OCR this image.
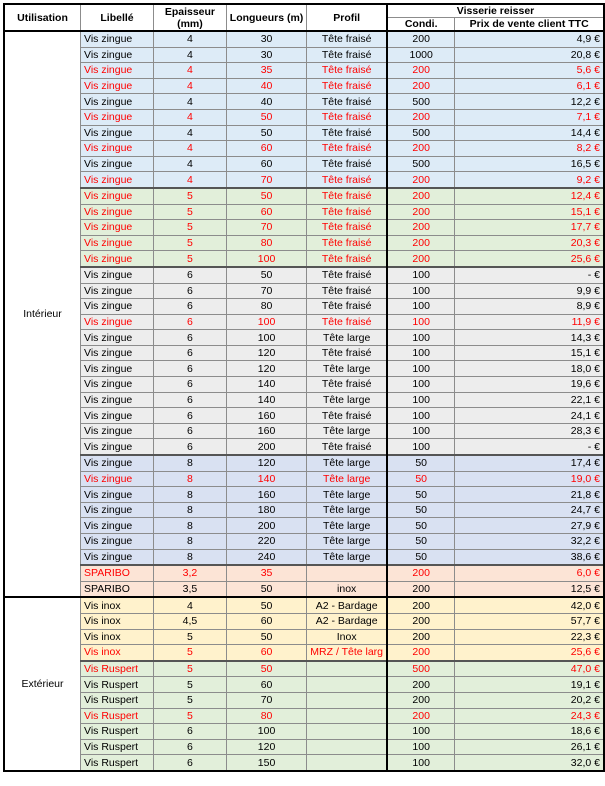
Utilisation	Libellé	Epaisseur (mm)	Longueurs (m)	Profil	Visserie reisser	
					Condi.	Prix de vente client TTC
Intérieur	Vis zingue	4	30	Tête fraisé	200	4,9 €
	Vis zingue	4	30	Tête fraisé	1000	20,8 €
	Vis zingue	4	35	Tête fraisé	200	5,6 €
	Vis zingue	4	40	Tête fraisé	200	6,1 €
	Vis zingue	4	40	Tête fraisé	500	12,2 €
	Vis zingue	4	50	Tête fraisé	200	7,1 €
	Vis zingue	4	50	Tête fraisé	500	14,4 €
	Vis zingue	4	60	Tête fraisé	200	8,2 €
	Vis zingue	4	60	Tête fraisé	500	16,5 €
	Vis zingue	4	70	Tête fraisé	200	9,2 €
	Vis zingue	5	50	Tête fraisé	200	12,4 €
	Vis zingue	5	60	Tête fraisé	200	15,1 €
	Vis zingue	5	70	Tête fraisé	200	17,7 €
	Vis zingue	5	80	Tête fraisé	200	20,3 €
	Vis zingue	5	100	Tête fraisé	200	25,6 €
	Vis zingue	6	50	Tête fraisé	100	- €
	Vis zingue	6	70	Tête fraisé	100	9,9 €
	Vis zingue	6	80	Tête fraisé	100	8,9 €
	Vis zingue	6	100	Tête fraisé	100	11,9 €
	Vis zingue	6	100	Tête large	100	14,3 €
	Vis zingue	6	120	Tête fraisé	100	15,1 €
	Vis zingue	6	120	Tête large	100	18,0 €
	Vis zingue	6	140	Tête fraisé	100	19,6 €
	Vis zingue	6	140	Tête large	100	22,1 €
	Vis zingue	6	160	Tête fraisé	100	24,1 €
	Vis zingue	6	160	Tête large	100	28,3 €
	Vis zingue	6	200	Tête fraisé	100	- €
	Vis zingue	8	120	Tête large	50	17,4 €
	Vis zingue	8	140	Tête large	50	19,0 €
	Vis zingue	8	160	Tête large	50	21,8 €
	Vis zingue	8	180	Tête large	50	24,7 €
	Vis zingue	8	200	Tête large	50	27,9 €
	Vis zingue	8	220	Tête large	50	32,2 €
	Vis zingue	8	240	Tête large	50	38,6 €
	SPARIBO	3,2	35		200	6,0 €
	SPARIBO	3,5	50	inox	200	12,5 €
Extérieur	Vis inox	4	50	A2 - Bardage	200	42,0 €
	Vis inox	4,5	60	A2 - Bardage	200	57,7 €
	Vis inox	5	50	Inox	200	22,3 €
	Vis inox	5	60	MRZ / Tête larg	200	25,6 €
	Vis Ruspert	5	50		500	47,0 €
	Vis Ruspert	5	60		200	19,1 €
	Vis Ruspert	5	70		200	20,2 €
	Vis Ruspert	5	80		200	24,3 €
	Vis Ruspert	6	100		100	18,6 €
	Vis Ruspert	6	120		100	26,1 €
	Vis Ruspert	6	150		100	32,0 €
